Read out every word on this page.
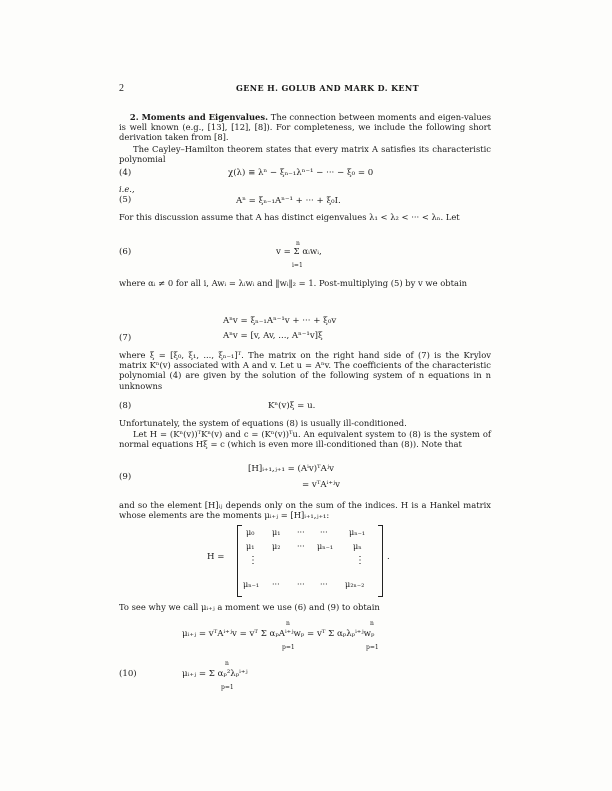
2	GENE H. GOLUB AND MARK D. KENT
2. Moments and Eigenvalues. The connection between moments and eigen-values is well known (e.g., [13], [12], [8]). For completeness, we include the following short derivation taken from [8].
The Cayley–Hamilton theorem states that every matrix A satisfies its characteristic polynomial
(4)	χ(λ) ≡ λⁿ − ξₙ₋₁λⁿ⁻¹ − ··· − ξ₀ = 0
i.e.,
(5)	Aⁿ = ξₙ₋₁Aⁿ⁻¹ + ··· + ξ₀I.
For this discussion assume that A has distinct eigenvalues λ₁ < λ₂ < ··· < λₙ. Let
(6)
n
v = Σ αᵢwᵢ,
i=1
where αᵢ ≠ 0 for all i, Awᵢ = λᵢwᵢ and ‖wᵢ‖₂ = 1. Post-multiplying (5) by v we obtain
Aⁿv = ξₙ₋₁Aⁿ⁻¹v + ··· + ξ₀v
(7)	Aⁿv = [v, Av, ..., Aⁿ⁻¹v]ξ
where ξ = [ξ₀, ξ₁, ..., ξₙ₋₁]ᵀ. The matrix on the right hand side of (7) is the Krylov matrix Kⁿ(v) associated with A and v. Let u = Aⁿv. The coefficients of the characteristic polynomial (4) are given by the solution of the following system of n equations in n unknowns
(8)	Kⁿ(v)ξ = u.
Unfortunately, the system of equations (8) is usually ill-conditioned.
Let H = (Kⁿ(v))ᵀKⁿ(v) and c = (Kⁿ(v))ᵀu. An equivalent system to (8) is the system of normal equations Hξ = c (which is even more ill-conditioned than (8)). Note that
[H]ᵢ₊₁,ⱼ₊₁ = (Aⁱv)ᵀAʲv
(9)
= vᵀAⁱ⁺ʲv
and so the element [H]ᵢⱼ depends only on the sum of the indices. H is a Hankel matrix whose elements are the moments μᵢ₊ⱼ = [H]ᵢ₊₁,ⱼ₊₁:
H =
μ₀ μ₁ ··· ···	μₙ₋₁
μ₁ μ₂ ··· μₙ₋₁ μₙ
⋮	⋮
μₙ₋₁ ··· ··· ··· μ₂ₙ₋₂
.
To see why we call μᵢ₊ⱼ a moment we use (6) and (9) to obtain
n	n
μᵢ₊ⱼ = vᵀAⁱ⁺ʲv = vᵀ Σ αₚAⁱ⁺ʲwₚ = vᵀ Σ αₚλₚⁱ⁺ʲwₚ
p=1	p=1
n
(10)	μᵢ₊ⱼ = Σ αₚ²λₚⁱ⁺ʲ
p=1
